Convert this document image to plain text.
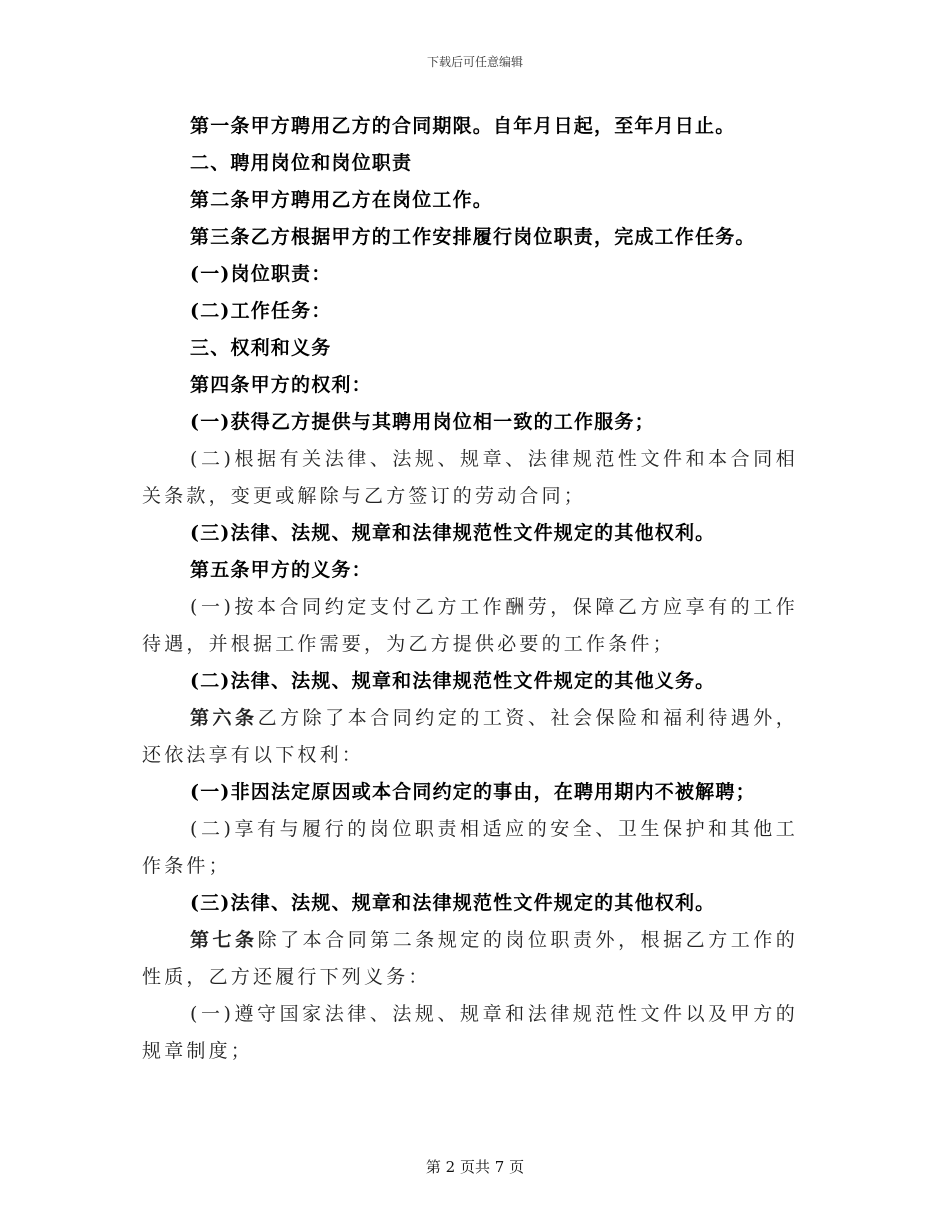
下载后可任意编辑

第一条甲方聘用乙方的合同期限。自年月日起，至年月日止。

二、聘用岗位和岗位职责

第二条甲方聘用乙方在岗位工作。

第三条乙方根据甲方的工作安排履行岗位职责，完成工作任务。

(一)岗位职责：

(二)工作任务：

三、权利和义务

第四条甲方的权利：

(一)获得乙方提供与其聘用岗位相一致的工作服务；

(二)根据有关法律、法规、规章、法律规范性文件和本合同相关条款，变更或解除与乙方签订的劳动合同；

(三)法律、法规、规章和法律规范性文件规定的其他权利。

第五条甲方的义务：

(一)按本合同约定支付乙方工作酬劳，保障乙方应享有的工作待遇，并根据工作需要，为乙方提供必要的工作条件；

(二)法律、法规、规章和法律规范性文件规定的其他义务。

第六条乙方除了本合同约定的工资、社会保险和福利待遇外，还依法享有以下权利：

(一)非因法定原因或本合同约定的事由，在聘用期内不被解聘；

(二)享有与履行的岗位职责相适应的安全、卫生保护和其他工作条件；

(三)法律、法规、规章和法律规范性文件规定的其他权利。

第七条除了本合同第二条规定的岗位职责外，根据乙方工作的性质，乙方还履行下列义务：

(一)遵守国家法律、法规、规章和法律规范性文件以及甲方的规章制度；

第 2 页共 7 页
